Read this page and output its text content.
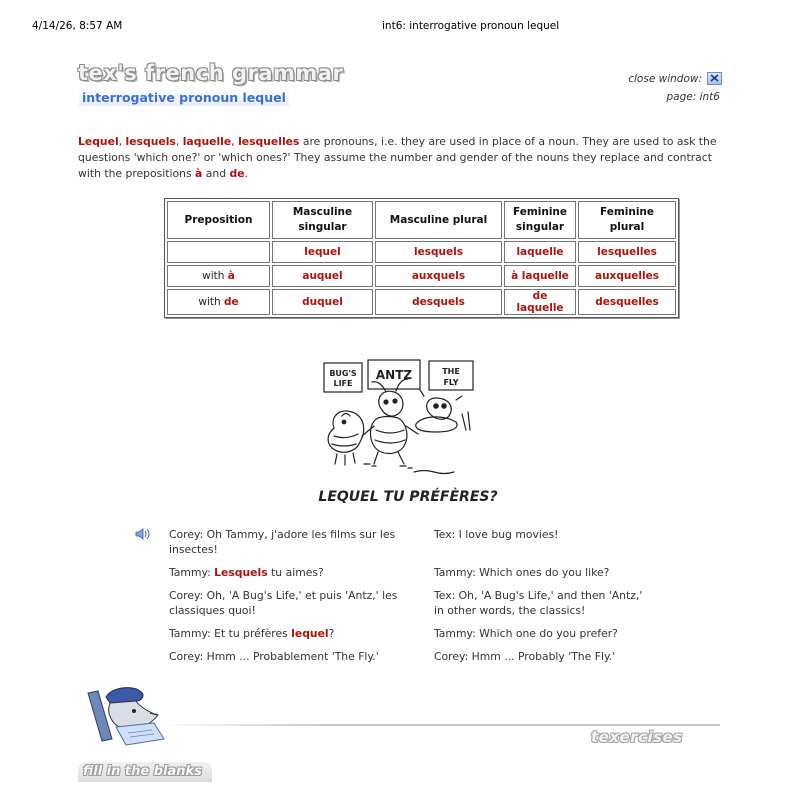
4/14/26, 8:57 AM	int6: interrogative pronoun lequel
tex's french grammar
interrogative pronoun lequel
close window:
page: int6
Lequel, lesquels, laquelle, lesquelles are pronouns, i.e. they are used in place of a noun. They are used to ask the questions 'which one?' or 'which ones?' They assume the number and gender of the nouns they replace and contract with the prepositions à and de.
Preposition	Masculine singular	Masculine plural	Feminine singular	Feminine plural
	lequel	lesquels	laquelle	lesquelles
with à	auquel	auxquels	à laquelle	auxquelles
with de	duquel	desquels	de laquelle	desquelles
BUG'S
LIFE
ANTZ	THE
FLY
LEQUEL TU PRÉFÈRES?
Corey: Oh Tammy, j'adore les films sur les insectes!
Tex: I love bug movies!
Tammy: Lesquels tu aimes?	Tammy: Which ones do you like?
Corey: Oh, 'A Bug's Life,' et puis 'Antz,' les classiques quoi!
Tex: Oh, 'A Bug's Life,' and then 'Antz,' in other words, the classics!
Tammy: Et tu préfères lequel?	Tammy: Which one do you prefer?
Corey: Hmm ... Probablement 'The Fly.'	Corey: Hmm ... Probably 'The Fly.'
texercises
fill in the blanks
